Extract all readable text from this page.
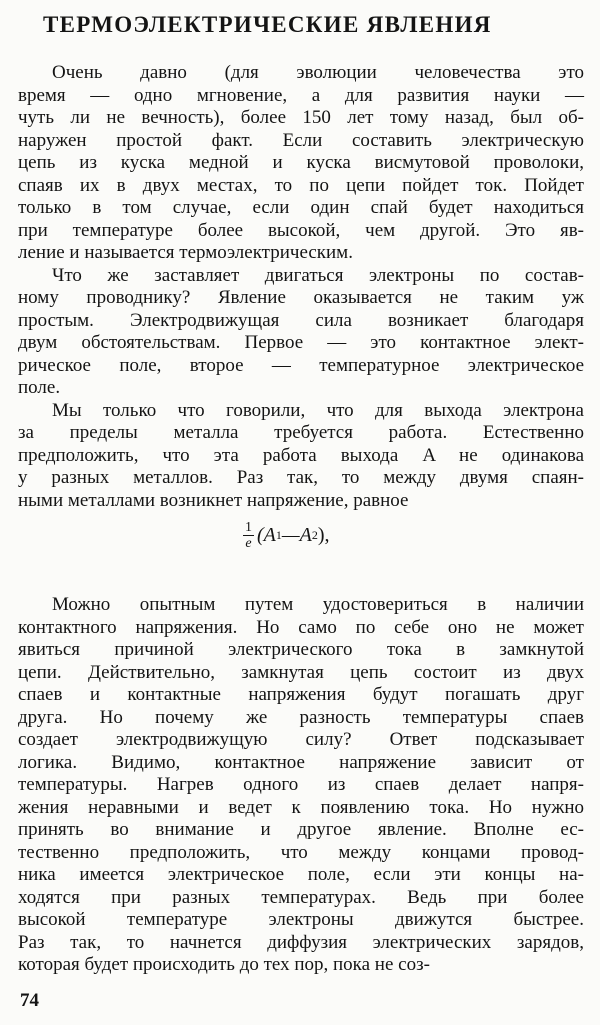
ТЕРМОЭЛЕКТРИЧЕСКИЕ ЯВЛЕНИЯ
Очень давно (для эволюции человечества это
время — одно мгновение, а для развития науки —
чуть ли не вечность), более 150 лет тому назад, был об-
наружен простой факт. Если составить электрическую
цепь из куска медной и куска висмутовой проволоки,
спаяв их в двух местах, то по цепи пойдет ток. Пойдет
только в том случае, если один спай будет находиться
при температуре более высокой, чем другой. Это яв-
ление и называется термоэлектрическим.
Что же заставляет двигаться электроны по состав-
ному проводнику? Явление оказывается не таким уж
простым. Электродвижущая сила возникает благодаря
двум обстоятельствам. Первое — это контактное элект-
рическое поле, второе — температурное электрическое
поле.
Мы только что говорили, что для выхода электрона
за пределы металла требуется работа. Естественно
предположить, что эта работа выхода A не одинакова
у разных металлов. Раз так, то между двумя спаян-
ными металлами возникнет напряжение, равное
$\frac{1}{e} (A$ 1 —A 2 ),
Можно опытным путем удостовериться в наличии
контактного напряжения. Но само по себе оно не может
явиться причиной электрического тока в замкнутой
цепи. Действительно, замкнутая цепь состоит из двух
спаев и контактные напряжения будут погашать друг
друга. Но почему же разность температуры спаев
создает электродвижущую силу? Ответ подсказывает
логика. Видимо, контактное напряжение зависит от
температуры. Нагрев одного из спаев делает напря-
жения неравными и ведет к появлению тока. Но нужно
принять во внимание и другое явление. Вполне ес-
тественно предположить, что между концами провод-
ника имеется электрическое поле, если эти концы на-
ходятся при разных температурах. Ведь при более
высокой температуре электроны движутся быстрее.
Раз так, то начнется диффузия электрических зарядов,
которая будет происходить до тех пор, пока не соз-
74
